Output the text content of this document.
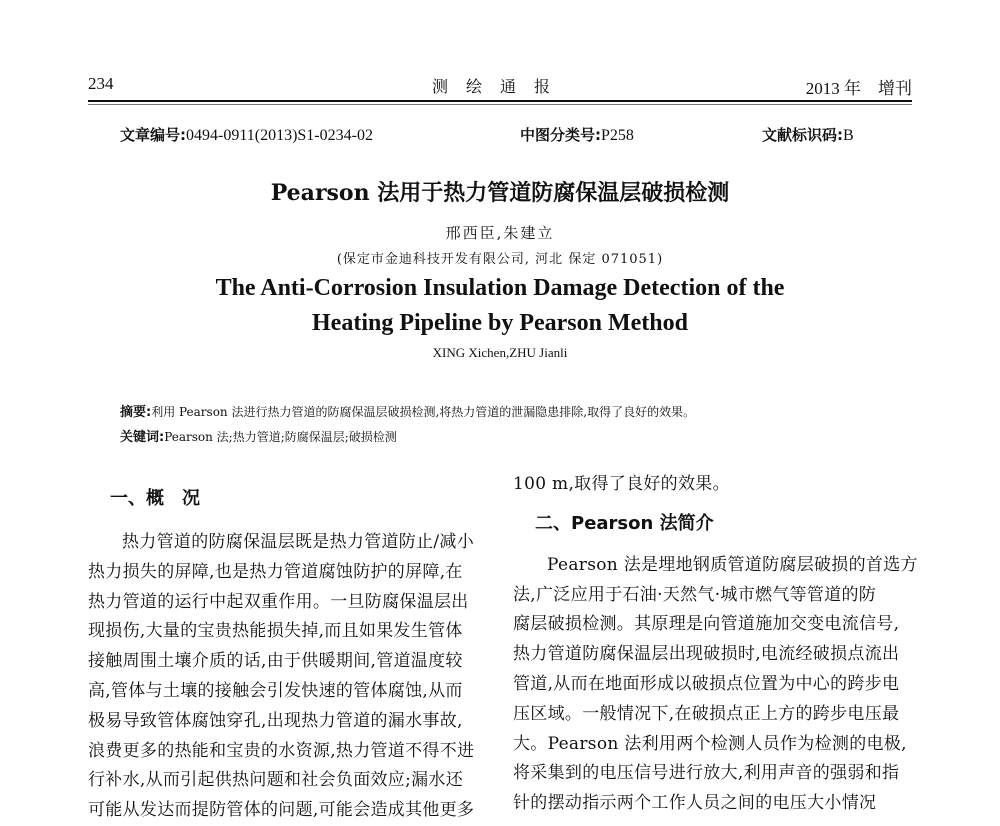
234	测绘通报	2013 年　增刊
文章编号:0494-0911(2013)S1-0234-02	中图分类号:P258	文献标识码:B
Pearson 法用于热力管道防腐保温层破损检测
邢西臣,朱建立
(保定市金迪科技开发有限公司, 河北 保定 071051)
The Anti-Corrosion Insulation Damage Detection of the
Heating Pipeline by Pearson Method
XING Xichen,ZHU Jianli
摘要:利用 Pearson 法进行热力管道的防腐保温层破损检测,将热力管道的泄漏隐患排除,取得了良好的效果。
关键词:Pearson 法;热力管道;防腐保温层;破损检测
一、概　况
热力管道的防腐保温层既是热力管道防止/减小
热力损失的屏障,也是热力管道腐蚀防护的屏障,在
热力管道的运行中起双重作用。一旦防腐保温层出
现损伤,大量的宝贵热能损失掉,而且如果发生管体
接触周围土壤介质的话,由于供暖期间,管道温度较
高,管体与土壤的接触会引发快速的管体腐蚀,从而
极易导致管体腐蚀穿孔,出现热力管道的漏水事故,
浪费更多的热能和宝贵的水资源,热力管道不得不进
行补水,从而引起供热问题和社会负面效应;漏水还
可能从发达而提防管体的问题,可能会造成其他更多
100 m,取得了良好的效果。
二、Pearson 法简介
Pearson 法是埋地钢质管道防腐层破损的首选方
法,广泛应用于石油·天然气·城市燃气等管道的防
腐层破损检测。其原理是向管道施加交变电流信号,
热力管道防腐保温层出现破损时,电流经破损点流出
管道,从而在地面形成以破损点位置为中心的跨步电
压区域。一般情况下,在破损点正上方的跨步电压最
大。Pearson 法利用两个检测人员作为检测的电极,
将采集到的电压信号进行放大,利用声音的强弱和指
针的摆动指示两个工作人员之间的电压大小情况
